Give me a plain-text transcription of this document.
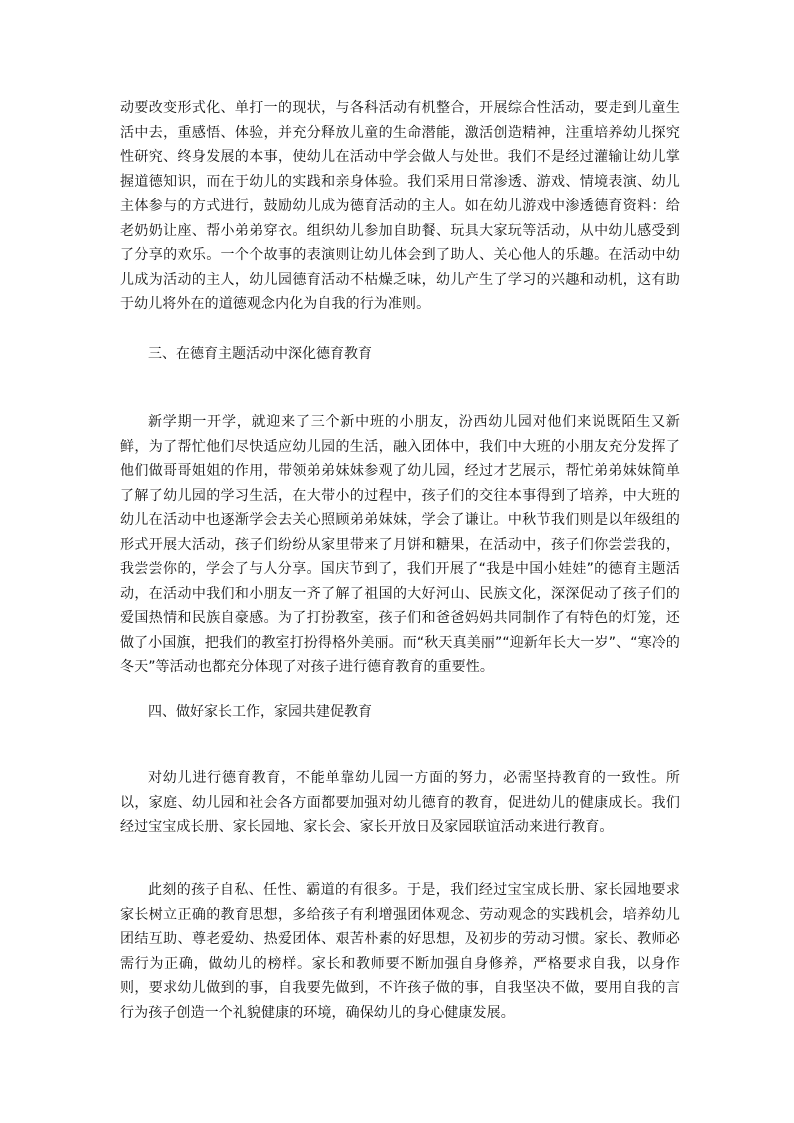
动要改变形式化、单打一的现状，与各科活动有机整合，开展综合性活动，要走到儿童生活中去，重感悟、体验，并充分释放儿童的生命潜能，激活创造精神，注重培养幼儿探究性研究、终身发展的本事，使幼儿在活动中学会做人与处世。我们不是经过灌输让幼儿掌握道德知识，而在于幼儿的实践和亲身体验。我们采用日常渗透、游戏、情境表演、幼儿主体参与的方式进行，鼓励幼儿成为德育活动的主人。如在幼儿游戏中渗透德育资料：给老奶奶让座、帮小弟弟穿衣。组织幼儿参加自助餐、玩具大家玩等活动，从中幼儿感受到了分享的欢乐。一个个故事的表演则让幼儿体会到了助人、关心他人的乐趣。在活动中幼儿成为活动的主人，幼儿园德育活动不枯燥乏味，幼儿产生了学习的兴趣和动机，这有助于幼儿将外在的道德观念内化为自我的行为准则。

三、在德育主题活动中深化德育教育

新学期一开学，就迎来了三个新中班的小朋友，汾西幼儿园对他们来说既陌生又新鲜，为了帮忙他们尽快适应幼儿园的生活，融入团体中，我们中大班的小朋友充分发挥了他们做哥哥姐姐的作用，带领弟弟妹妹参观了幼儿园，经过才艺展示，帮忙弟弟妹妹简单了解了幼儿园的学习生活，在大带小的过程中，孩子们的交往本事得到了培养，中大班的幼儿在活动中也逐渐学会去关心照顾弟弟妹妹，学会了谦让。中秋节我们则是以年级组的形式开展大活动，孩子们纷纷从家里带来了月饼和糖果，在活动中，孩子们你尝尝我的，我尝尝你的，学会了与人分享。国庆节到了，我们开展了“我是中国小娃娃”的德育主题活动，在活动中我们和小朋友一齐了解了祖国的大好河山、民族文化，深深促动了孩子们的爱国热情和民族自豪感。为了打扮教室，孩子们和爸爸妈妈共同制作了有特色的灯笼，还做了小国旗，把我们的教室打扮得格外美丽。而“秋天真美丽”“迎新年长大一岁”、“寒冷的冬天”等活动也都充分体现了对孩子进行德育教育的重要性。

四、做好家长工作，家园共建促教育

对幼儿进行德育教育，不能单靠幼儿园一方面的努力，必需坚持教育的一致性。所以，家庭、幼儿园和社会各方面都要加强对幼儿德育的教育，促进幼儿的健康成长。我们经过宝宝成长册、家长园地、家长会、家长开放日及家园联谊活动来进行教育。

此刻的孩子自私、任性、霸道的有很多。于是，我们经过宝宝成长册、家长园地要求家长树立正确的教育思想，多给孩子有利增强团体观念、劳动观念的实践机会，培养幼儿团结互助、尊老爱幼、热爱团体、艰苦朴素的好思想，及初步的劳动习惯。家长、教师必需行为正确，做幼儿的榜样。家长和教师要不断加强自身修养，严格要求自我，以身作则，要求幼儿做到的事，自我要先做到，不许孩子做的事，自我坚决不做，要用自我的言行为孩子创造一个礼貌健康的环境，确保幼儿的身心健康发展。
